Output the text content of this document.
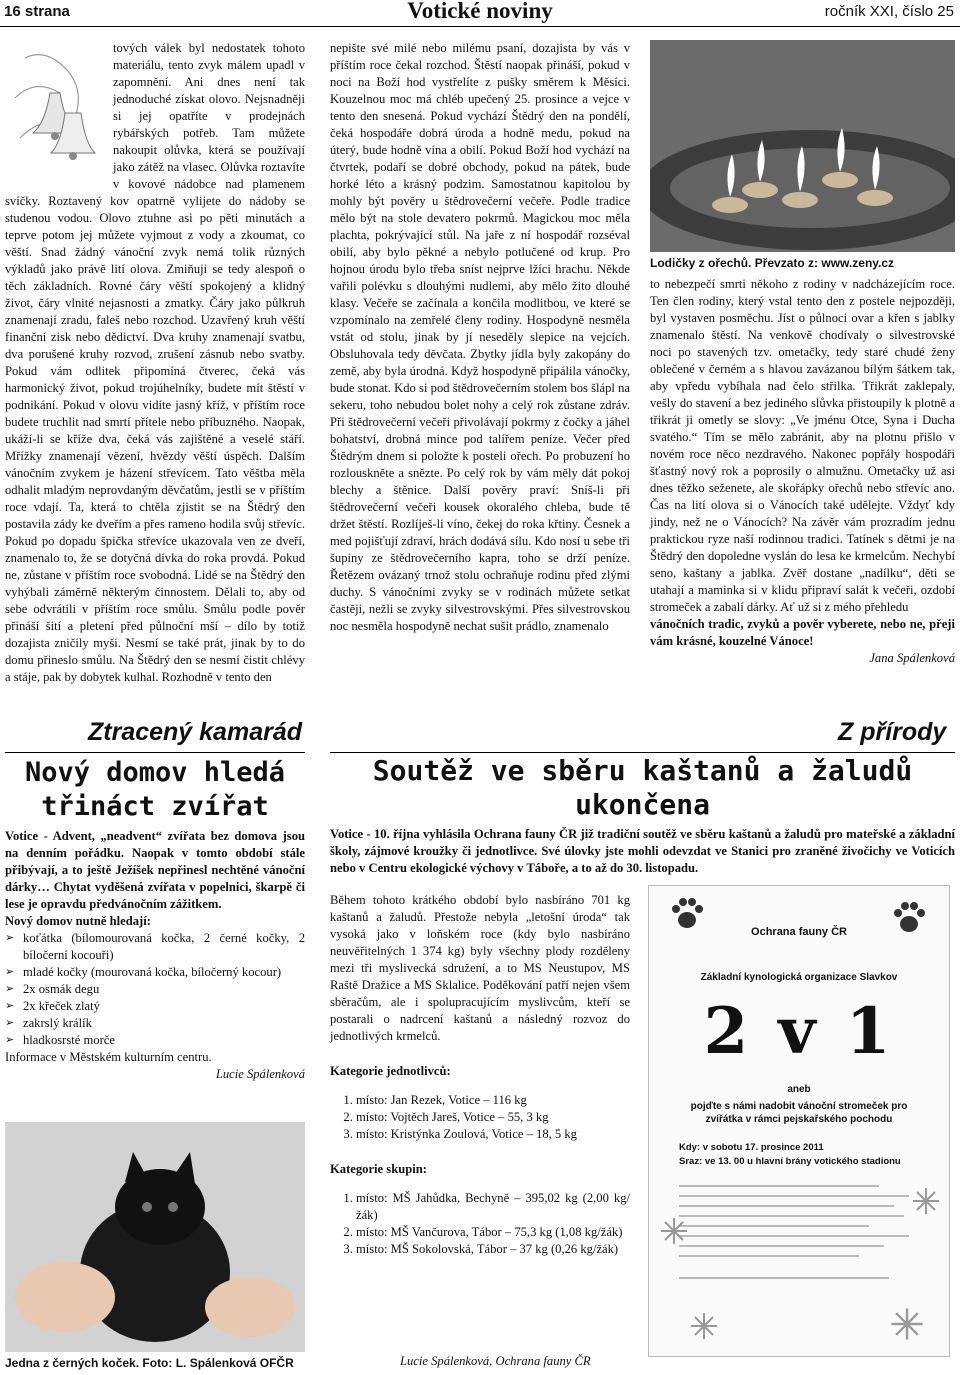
16 strana	Votické noviny	ročník XXI, číslo 25

tových válek byl nedostatek tohoto materiálu, tento zvyk málem upadl v zapomnění. Ani dnes není tak jednoduché získat olovo. Nejsnadněji si jej opatříte v prodejnách rybářských potřeb. Tam můžete nakoupit olůvka, která se používají jako zátěž na vlasec. Olůvka roztavíte v kovové nádobce nad plamenem svíčky. Roztavený kov opatrně vylijete do nádoby se studenou vodou. Olovo ztuhne asi po pěti minutách a teprve potom jej můžete vyjmout z vody a zkoumat, co věští. Snad žádný vánoční zvyk nemá tolik různých výkladů jako právě lití olova. Zmiňuji se tedy alespoň o těch základních. Rovné čáry věští spokojený a klidný život, čáry vlnité nejasnosti a zmatky. Čáry jako půlkruh znamenají zradu, faleš nebo rozchod. Uzavřený kruh věští finanční zisk nebo dědictví. Dva kruhy znamenají svatbu, dva porušené kruhy rozvod, zrušení zásnub nebo svatby. Pokud vám odlitek připomíná čtverec, čeká vás harmonický život, pokud trojúhelníky, budete mít štěstí v podnikání. Pokud v olovu vidíte jasný kříž, v příštím roce budete truchlit nad smrtí přítele nebo příbuzného. Naopak, ukáží-li se kříže dva, čeká vás zajištěné a veselé stáří. Mřížky znamenají vězení, hvězdy věští úspěch. Dalším vánočním zvykem je házení střevícem. Tato věštba měla odhalit mladým neprovdaným děvčatům, jestli se v příštím roce vdají. Ta, která to chtěla zjistit se na Štědrý den postavila zády ke dveřím a přes rameno hodila svůj střevíc. Pokud po dopadu špička střevíce ukazovala ven ze dveří, znamenalo to, že se dotyčná dívka do roka provdá. Pokud ne, zůstane v příštím roce svobodná. Lidé se na Štědrý den vyhýbali záměrně některým činnostem. Dělali to, aby od sebe odvrátili v příštím roce smůlu. Smůlu podle pověr přináší šití a pletení před půlnoční mší – dílo by totiž dozajista zničily myši. Nesmí se také prát, jinak by to do domu přineslo smůlu. Na Štědrý den se nesmí čistit chlévy a stáje, pak by dobytek kulhal. Rozhodně v tento den

Ztracený kamarád
Nový domov hledá třináct zvířat

Votice - Advent, „neadvent“ zvířata bez domova jsou na denním pořádku. Naopak v tomto období stále přibývají, a to ještě Ježíšek nepřinesl nechtěné vánoční dárky… Chytat vyděšená zvířata v popelnici, škarpě či lese je opravdu předvánočním zážitkem.

Nový domov nutně hledají:

➢ koťátka (bílomourovaná kočka, 2 černé kočky, 2 bíločerní kocouři)
➢ mladé kočky (mourovaná kočka, bíločerný kocour)
➢ 2x osmák degu
➢ 2x křeček zlatý
➢ zakrslý králík
➢ hladkosrsté morče

Informace v Městském kulturním centru.

Lucie Spálenková

Jedna z černých koček. Foto: L. Spálenková OFČR

nepište své milé nebo milému psaní, dozajista by vás v příštím roce čekal rozchod. Štěstí naopak přináší, pokud v noci na Boží hod vystřelíte z pušky směrem k Měsíci. Kouzelnou moc má chléb upečený 25. prosince a vejce v tento den snesená. Pokud vychází Štědrý den na pondělí, čeká hospodáře dobrá úroda a hodně medu, pokud na úterý, bude hodně vína a obilí. Pokud Boží hod vychází na čtvrtek, podaří se dobré obchody, pokud na pátek, bude horké léto a krásný podzim. Samostatnou kapitolou by mohly být pověry u štědrovečerní večeře. Podle tradice mělo být na stole devatero pokrmů. Magickou moc měla plachta, pokrývající stůl. Na jaře z ní hospodář rozséval obilí, aby bylo pěkné a nebylo potlučené od krup. Pro hojnou úrodu bylo třeba sníst nejprve lžíci hrachu. Někde vařili polévku s dlouhými nudlemi, aby mělo žito dlouhé klasy. Večeře se začínala a končila modlitbou, ve které se vzpomínalo na zemřelé členy rodiny. Hospodyně nesměla vstát od stolu, jinak by jí neseděly slepice na vejcích. Obsluhovala tedy děvčata. Zbytky jídla byly zakopány do země, aby byla úrodná. Když hospodyně připálila vánočky, bude stonat. Kdo si pod štědrovečerním stolem bos šlápl na sekeru, toho nebudou bolet nohy a celý rok zůstane zdráv. Při štědrovečerní večeři přivolávají pokrmy z čočky a jáhel bohatství, drobná mince pod talířem peníze. Večer před Štědrým dnem si položte k posteli ořech. Po probuzení ho rozlouskněte a snězte. Po celý rok by vám měly dát pokoj blechy a štěnice. Další pověry praví: Sníš-li při štědrovečerní večeři kousek okoralého chleba, bude tě držet štěstí. Rozlíješ-li víno, čekej do roka křtiny. Česnek a med pojišťují zdraví, hrách dodává sílu. Kdo nosí u sebe tři šupiny ze štědrovečerního kapra, toho se drží peníze. Řetězem ovázaný trnož stolu ochraňuje rodinu před zlými duchy. S vánočními zvyky se v rodinách můžete setkat častěji, nežli se zvyky silvestrovskými. Přes silvestrovskou noc nesměla hospodyně nechat sušit prádlo, znamenalo

Lodičky z ořechů. Převzato z: www.zeny.cz

to nebezpečí smrti někoho z rodiny v nadcházejícím roce. Ten člen rodiny, který vstal tento den z postele nejpozději, byl vystaven posměchu. Jíst o půlnoci ovar a křen s jablky znamenalo štěstí. Na venkově chodívaly o silvestrovské noci po stavených tzv. ometačky, tedy staré chudé ženy oblečené v černém a s hlavou zavázanou bílým šátkem tak, aby vpředu vybíhala nad čelo střilka. Třikrát zaklepaly, vešly do stavení a bez jediného slůvka přistoupily k plotně a třikrát ji ometly se slovy: „Ve jménu Otce, Syna i Ducha svatého.“ Tím se mělo zabránit, aby na plotnu přišlo v novém roce něco nezdravého. Nakonec popřály hospodáři šťastný nový rok a poprosily o almužnu. Ometačky už asi dnes těžko seženete, ale skořápky ořechů nebo střevíc ano. Čas na lití olova si o Vánocích také udělejte. Vždyť kdy jindy, než ne o Vánocích? Na závěr vám prozradím jednu praktickou ryze naší rodinnou tradici. Tatínek s dětmi je na Štědrý den dopoledne vyslán do lesa ke krmelcům. Nechybí seno, kaštany a jablka. Zvěř dostane „nadílku“, děti se utahají a maminka si v klidu připraví salát k večeři, ozdobí stromeček a zabalí dárky. Ať už si z mého přehledu

vánočních tradic, zvyků a pověr vyberete, nebo ne, přeji vám krásné, kouzelné Vánoce!

Jana Spálenková

Z přírody
Soutěž ve sběru kaštanů a žaludů ukončena
Votice - 10. října vyhlásila Ochrana fauny ČR již tradiční soutěž ve sběru kaštanů a žaludů pro mateřské a základní školy, zájmové kroužky či jednotlivce. Své úlovky jste mohli odevzdat ve Stanici pro zraněné živočichy ve Voticích nebo v Centru ekologické výchovy v Táboře, a to až do 30. listopadu.

Během tohoto krátkého období bylo nasbíráno 701 kg kaštanů a žaludů. Přestože nebyla „letošní úroda“ tak vysoká jako v loňském roce (kdy bylo nasbíráno neuvěřitelných 1 374 kg) byly všechny plody rozděleny mezi tři myslivecká sdružení, a to MS Neustupov, MS Raště Dražice a MS Sklalice. Poděkování patří nejen všem sběračům, ale i spolupracujícím myslivcům, kteří se postarali o nadrcení kaštanů a následný rozvoz do jednotlivých krmelců.

Kategorie jednotlivců:

1. místo: Jan Rezek, Votice – 116 kg
2. místo: Vojtěch Jareš, Votice – 55, 3 kg
3. místo: Kristýnka Zoulová, Votice – 18, 5 kg

Kategorie skupin:

1. místo: MŠ Jahůdka, Bechyně – 395,02 kg (2,00 kg/žák)
2. místo: MŠ Vančurova, Tábor – 75,3 kg (1,08 kg/žák)
3. místo: MŠ Sokolovská, Tábor – 37 kg (0,26 kg/žák)
Lucie Spálenková, Ochrana fauny ČR
Ochrana fauny ČR
Základní kynologická organizace Slavkov
2 v 1
aneb
pojďte s námi nadobit vánoční stromeček pro zvířátka v rámci pejskařského pochodu
Kdy: v sobotu 17. prosince 2011
Sraz: ve 13. 00 u hlavní brány votického stadionu
